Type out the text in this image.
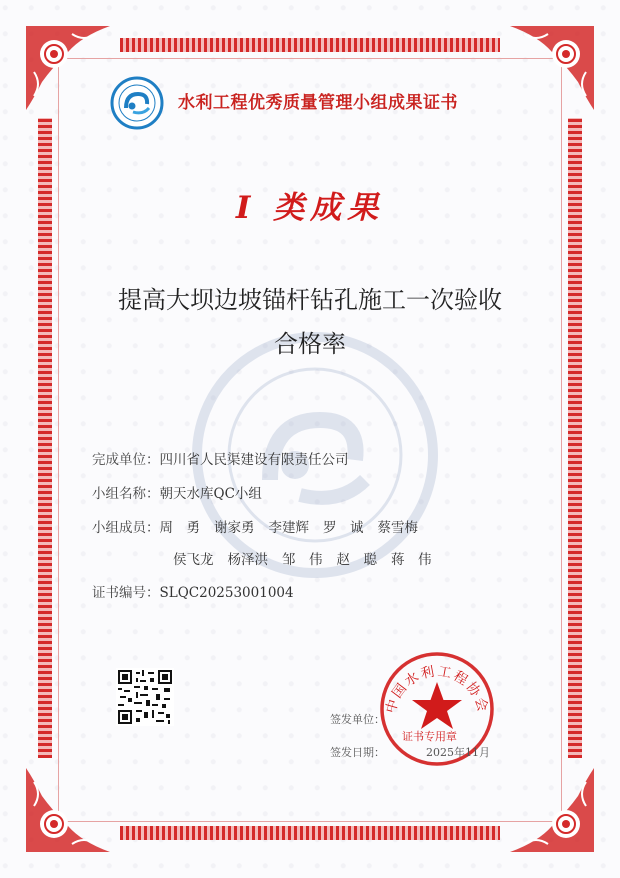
水利工程优秀质量管理小组成果证书
I 类成果
提高大坝边坡锚杆钻孔施工一次验收
合格率
完成单位：四川省人民渠建设有限责任公司
小组名称：朝天水库QC小组
小组成员：周　勇 谢家勇 李建辉 罗　诚 蔡雪梅
侯飞龙 杨泽洪 邹　伟 赵　聪 蒋　伟
证书编号：SLQC20253001004
签发单位：
签发日期：
中国水利工程协会
证书专用章
2025年11月
